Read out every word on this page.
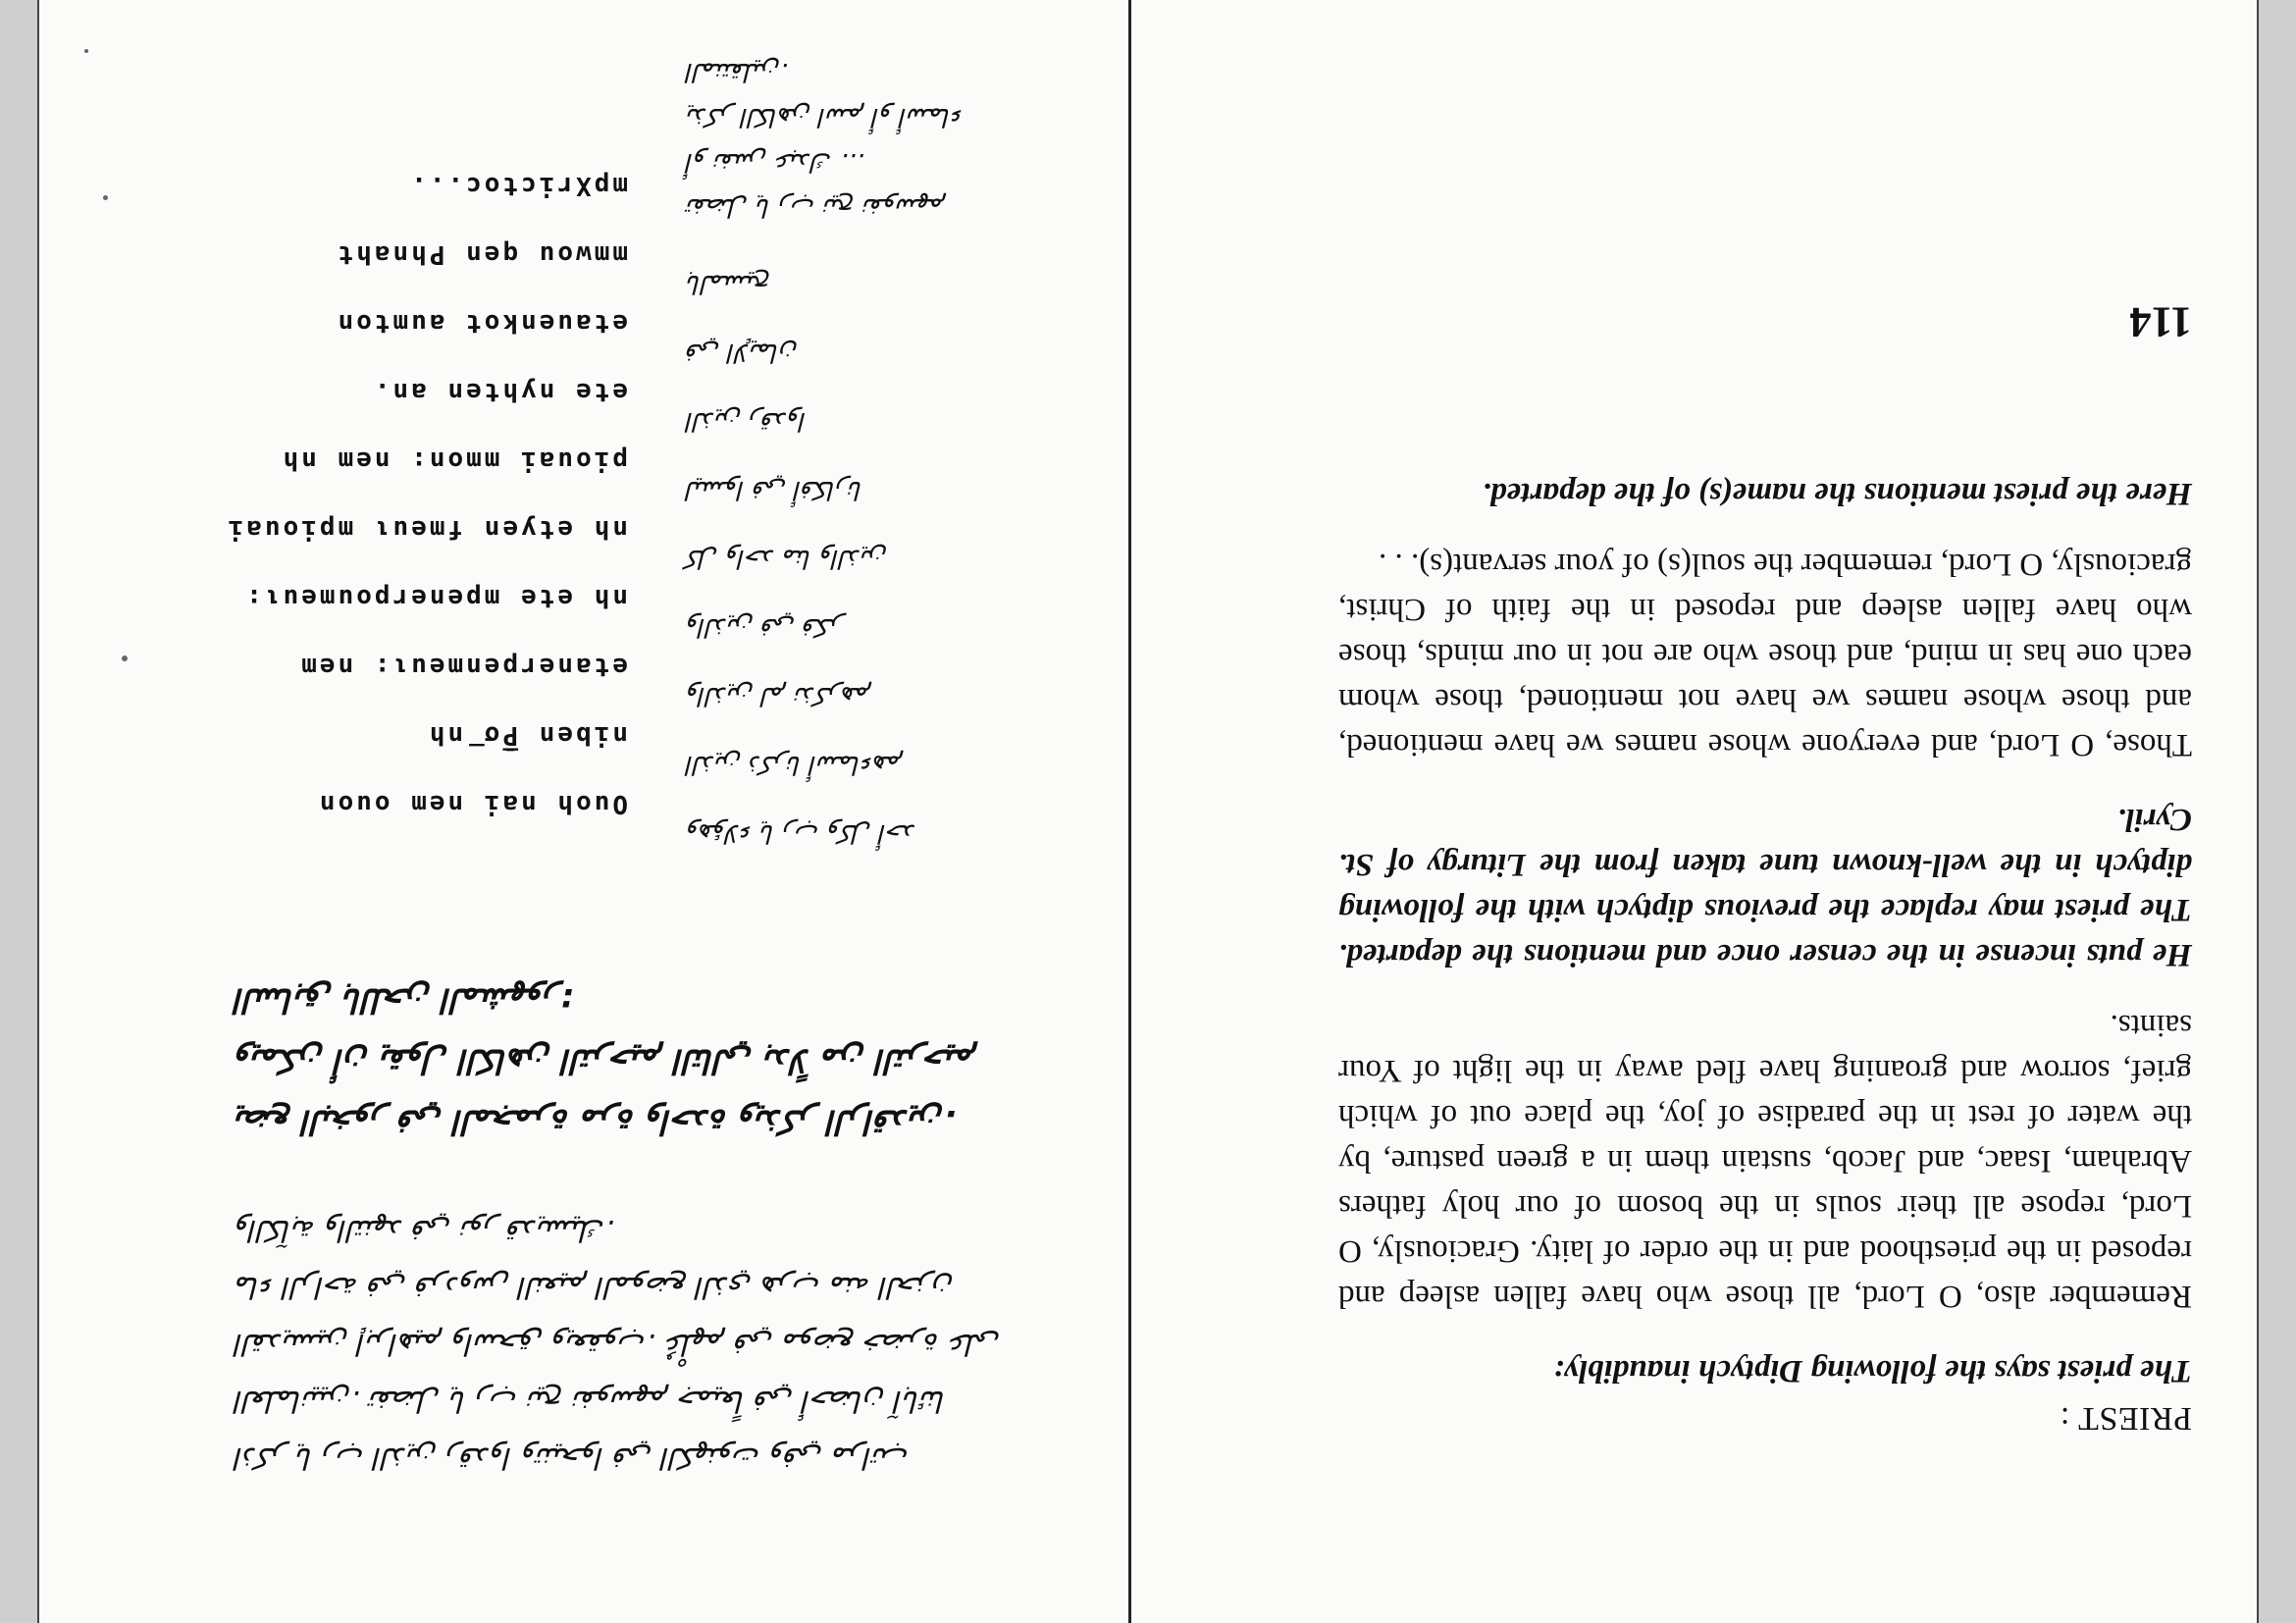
PRIEST :

The priest says the following Diptych inaudibly:

Remember also, O Lord, all those who have fallen asleep and reposed in the priesthood and in the order of laity. Graciously, O Lord, repose all their souls in the bosom of our holy fathers Abraham, Isaac, and Jacob, sustain them in a green pasture, by the water of rest in the paradise of joy, the place out of which grief, sorrow and groaning have fled away in the light of Your saints.

He puts incense in the censer once and mentions the departed. The priest may replace the previous diptych with the following diptych in the well-known tune taken from the Liturgy of St. Cyril.

Those, O Lord, and everyone whose names we have mentioned, and those whose names we have not mentioned, those whom each one has in mind, and those who are not in our minds, those who have fallen asleep and reposed in the faith of Christ, graciously, O Lord, remember the soul(s) of your servant(s). . .

Here the priest mentions the name(s) of the departed.

114
اذكر يا رب الذين رقدوا وتنيحوا في الكهنوت وفي مراتب العلمانيين. تفضل يا رب نيح نفوسهم جميعاً في أحضان آبائنا القديسين إبراهيم واسحق ويعقوب. عُلْهم في موضع خضرة على ماء الراحة في فردوس النعيم الموضع الذي هرب منه الحزن والكآبة والتنهد في نور قديسيك.
يضع البخور في المجمرة مرة واحدة ويذكر الراقدين. ويمكن أن يقول الكاهن الترحيم التالي بدلاً من الترحيم السابق باللحن المشهور:
Ouoh nai nem ouon
niben P̅̄σ̅ nh
etanerpenmeuι: nem
nh ete mpenerpoumeuι:
nh etyen fmeuι mpiouai
piouai mmon: nem nh
ete nyhten an.
etauenkot aumton
mmwou qen Phnaht
mpXrictoc...
وهؤلاء يا رب وكل أحد
الذين ذكرنا أسماءهم
والذين لم نذكرهم
والذين في فكر
كل واحد منا والذين
ليسوا في أفكارنا
الذين رقدوا
في الإيمان
بالمسيح
تفضل يا رب نيح نفوسهم
أو نفس عبدك ...
يذكر الكاهن اسم أو أسماء المنتقلين.
